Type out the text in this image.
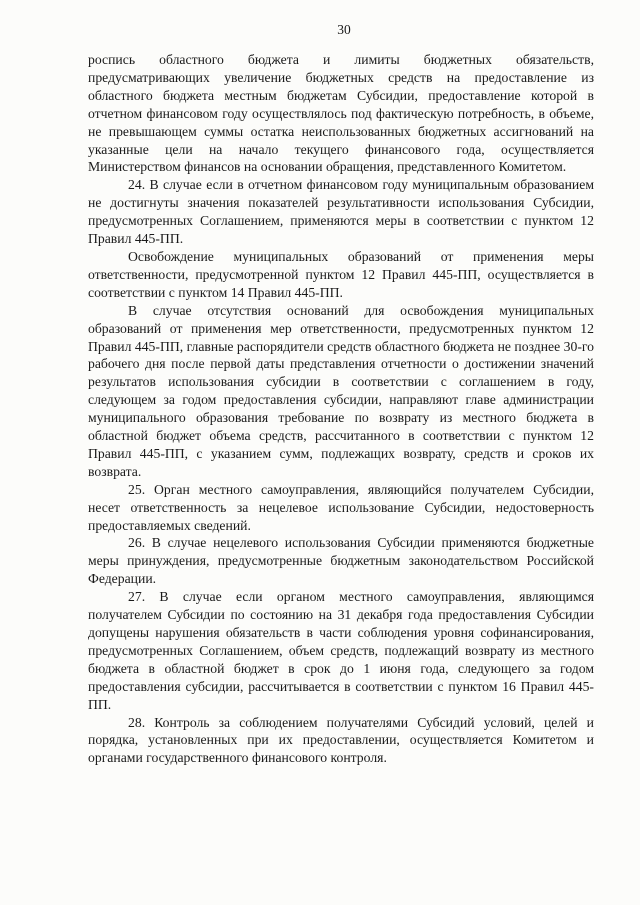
30

роспись областного бюджета и лимиты бюджетных обязательств, предусматривающих увеличение бюджетных средств на предоставление из областного бюджета местным бюджетам Субсидии, предоставление которой в отчетном финансовом году осуществлялось под фактическую потребность, в объеме, не превышающем суммы остатка неиспользованных бюджетных ассигнований на указанные цели на начало текущего финансового года, осуществляется Министерством финансов на основании обращения, представленного Комитетом.

24. В случае если в отчетном финансовом году муниципальным образованием не достигнуты значения показателей результативности использования Субсидии, предусмотренных Соглашением, применяются меры в соответствии с пунктом 12 Правил 445-ПП.

Освобождение муниципальных образований от применения меры ответственности, предусмотренной пунктом 12 Правил 445-ПП, осуществляется в соответствии с пунктом 14 Правил 445-ПП.

В случае отсутствия оснований для освобождения муниципальных образований от применения мер ответственности, предусмотренных пунктом 12 Правил 445-ПП, главные распорядители средств областного бюджета не позднее 30-го рабочего дня после первой даты представления отчетности о достижении значений результатов использования субсидии в соответствии с соглашением в году, следующем за годом предоставления субсидии, направляют главе администрации муниципального образования требование по возврату из местного бюджета в областной бюджет объема средств, рассчитанного в соответствии с пунктом 12 Правил 445-ПП, с указанием сумм, подлежащих возврату, средств и сроков их возврата.

25. Орган местного самоуправления, являющийся получателем Субсидии, несет ответственность за нецелевое использование Субсидии, недостоверность предоставляемых сведений.

26. В случае нецелевого использования Субсидии применяются бюджетные меры принуждения, предусмотренные бюджетным законодательством Российской Федерации.

27. В случае если органом местного самоуправления, являющимся получателем Субсидии по состоянию на 31 декабря года предоставления Субсидии допущены нарушения обязательств в части соблюдения уровня софинансирования, предусмотренных Соглашением, объем средств, подлежащий возврату из местного бюджета в областной бюджет в срок до 1 июня года, следующего за годом предоставления субсидии, рассчитывается в соответствии с пунктом 16 Правил 445-ПП.

28. Контроль за соблюдением получателями Субсидий условий, целей и порядка, установленных при их предоставлении, осуществляется Комитетом и органами государственного финансового контроля.
